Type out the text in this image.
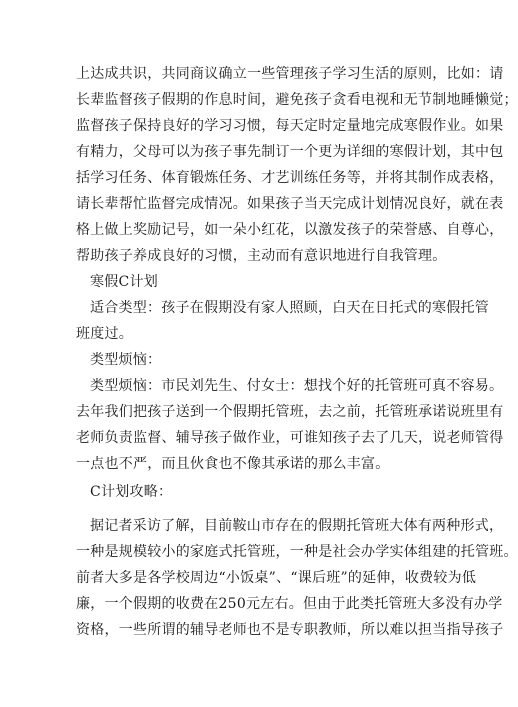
上达成共识，共同商议确立一些管理孩子学习生活的原则，比如：请
长辈监督孩子假期的作息时间，避免孩子贪看电视和无节制地睡懒觉；
监督孩子保持良好的学习习惯，每天定时定量地完成寒假作业。如果
有精力，父母可以为孩子事先制订一个更为详细的寒假计划，其中包
括学习任务、体育锻炼任务、才艺训练任务等，并将其制作成表格，
请长辈帮忙监督完成情况。如果孩子当天完成计划情况良好，就在表
格上做上奖励记号，如一朵小红花，以激发孩子的荣誉感、自尊心，
帮助孩子养成良好的习惯，主动而有意识地进行自我管理。
寒假C计划
适合类型：孩子在假期没有家人照顾，白天在日托式的寒假托管
班度过。
类型烦恼：
类型烦恼：市民刘先生、付女士：想找个好的托管班可真不容易。
去年我们把孩子送到一个假期托管班，去之前，托管班承诺说班里有
老师负责监督、辅导孩子做作业，可谁知孩子去了几天，说老师管得
一点也不严，而且伙食也不像其承诺的那么丰富。
C计划攻略：
据记者采访了解，目前鞍山市存在的假期托管班大体有两种形式，
一种是规模较小的家庭式托管班，一种是社会办学实体组建的托管班。
前者大多是各学校周边“小饭桌”、“课后班”的延伸，收费较为低
廉，一个假期的收费在250元左右。但由于此类托管班大多没有办学
资格，一些所谓的辅导老师也不是专职教师，所以难以担当指导孩子
